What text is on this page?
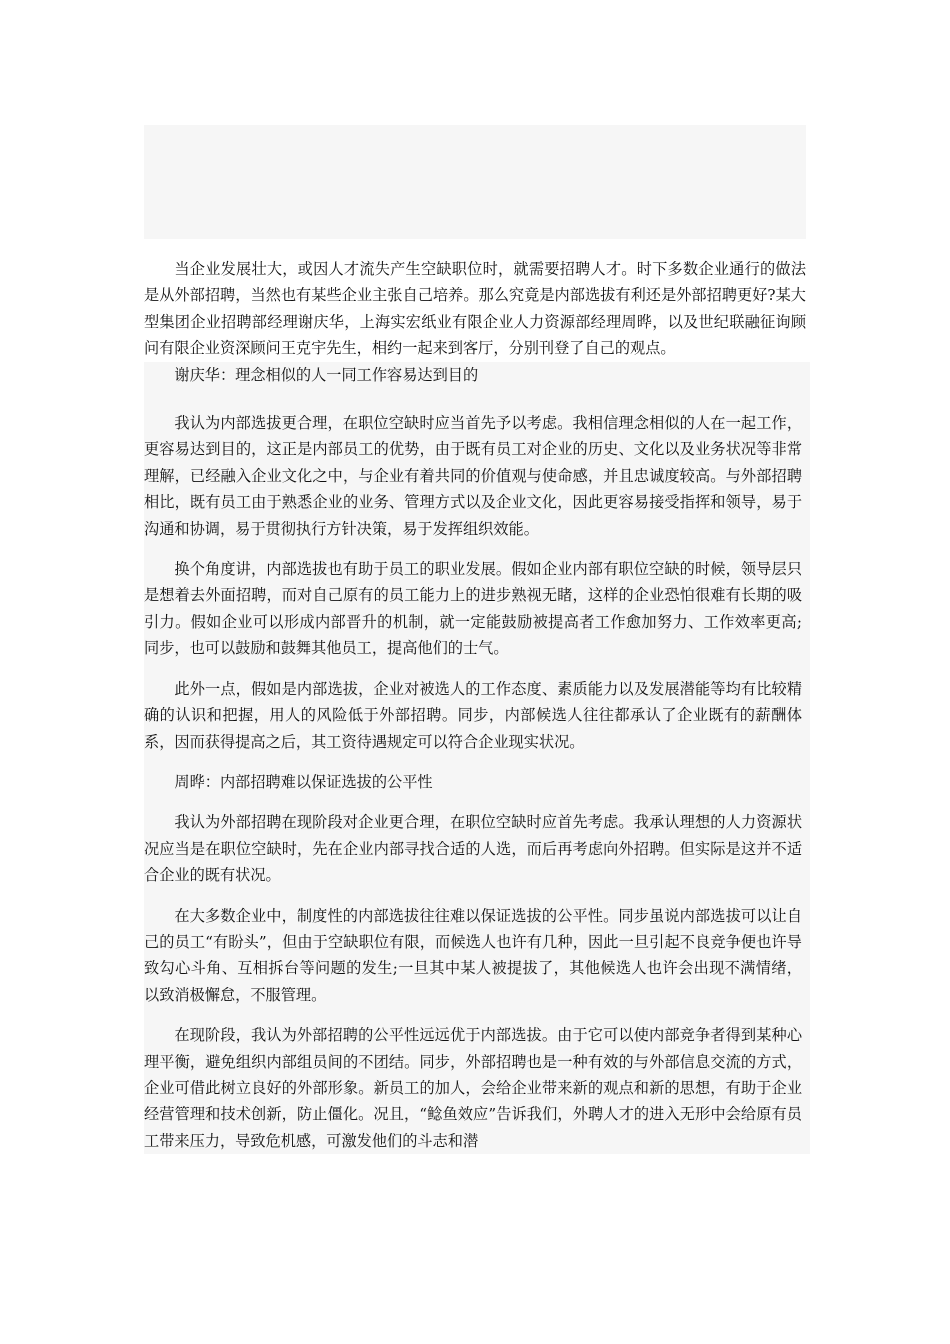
当企业发展壮大，或因人才流失产生空缺职位时，就需要招聘人才。时下多数企业通行的做法是从外部招聘，当然也有某些企业主张自己培养。那么究竟是内部选拔有利还是外部招聘更好?某大型集团企业招聘部经理谢庆华，上海实宏纸业有限企业人力资源部经理周晔，以及世纪联融征询顾问有限企业资深顾问王克宇先生，相约一起来到客厅，分别刊登了自己的观点。

谢庆华：理念相似的人一同工作容易达到目的

我认为内部选拔更合理，在职位空缺时应当首先予以考虑。我相信理念相似的人在一起工作，更容易达到目的，这正是内部员工的优势，由于既有员工对企业的历史、文化以及业务状况等非常理解，已经融入企业文化之中，与企业有着共同的价值观与使命感，并且忠诚度较高。与外部招聘相比，既有员工由于熟悉企业的业务、管理方式以及企业文化，因此更容易接受指挥和领导，易于沟通和协调，易于贯彻执行方针决策，易于发挥组织效能。

换个角度讲，内部选拔也有助于员工的职业发展。假如企业内部有职位空缺的时候，领导层只是想着去外面招聘，而对自己原有的员工能力上的进步熟视无睹，这样的企业恐怕很难有长期的吸引力。假如企业可以形成内部晋升的机制，就一定能鼓励被提高者工作愈加努力、工作效率更高;同步，也可以鼓励和鼓舞其他员工，提高他们的士气。

此外一点，假如是内部选拔，企业对被选人的工作态度、素质能力以及发展潜能等均有比较精确的认识和把握，用人的风险低于外部招聘。同步，内部候选人往往都承认了企业既有的薪酬体系，因而获得提高之后，其工资待遇规定可以符合企业现实状况。

周晔：内部招聘难以保证选拔的公平性

我认为外部招聘在现阶段对企业更合理，在职位空缺时应首先考虑。我承认理想的人力资源状况应当是在职位空缺时，先在企业内部寻找合适的人选，而后再考虑向外招聘。但实际是这并不适合企业的既有状况。

在大多数企业中，制度性的内部选拔往往难以保证选拔的公平性。同步虽说内部选拔可以让自己的员工“有盼头”，但由于空缺职位有限，而候选人也许有几种，因此一旦引起不良竞争便也许导致勾心斗角、互相拆台等问题的发生;一旦其中某人被提拔了，其他候选人也许会出现不满情绪，以致消极懈怠，不服管理。

在现阶段，我认为外部招聘的公平性远远优于内部选拔。由于它可以使内部竞争者得到某种心理平衡，避免组织内部组员间的不团结。同步，外部招聘也是一种有效的与外部信息交流的方式，企业可借此树立良好的外部形象。新员工的加人，会给企业带来新的观点和新的思想，有助于企业经营管理和技术创新，防止僵化。况且，“鲶鱼效应”告诉我们，外聘人才的进入无形中会给原有员工带来压力，导致危机感，可激发他们的斗志和潜
